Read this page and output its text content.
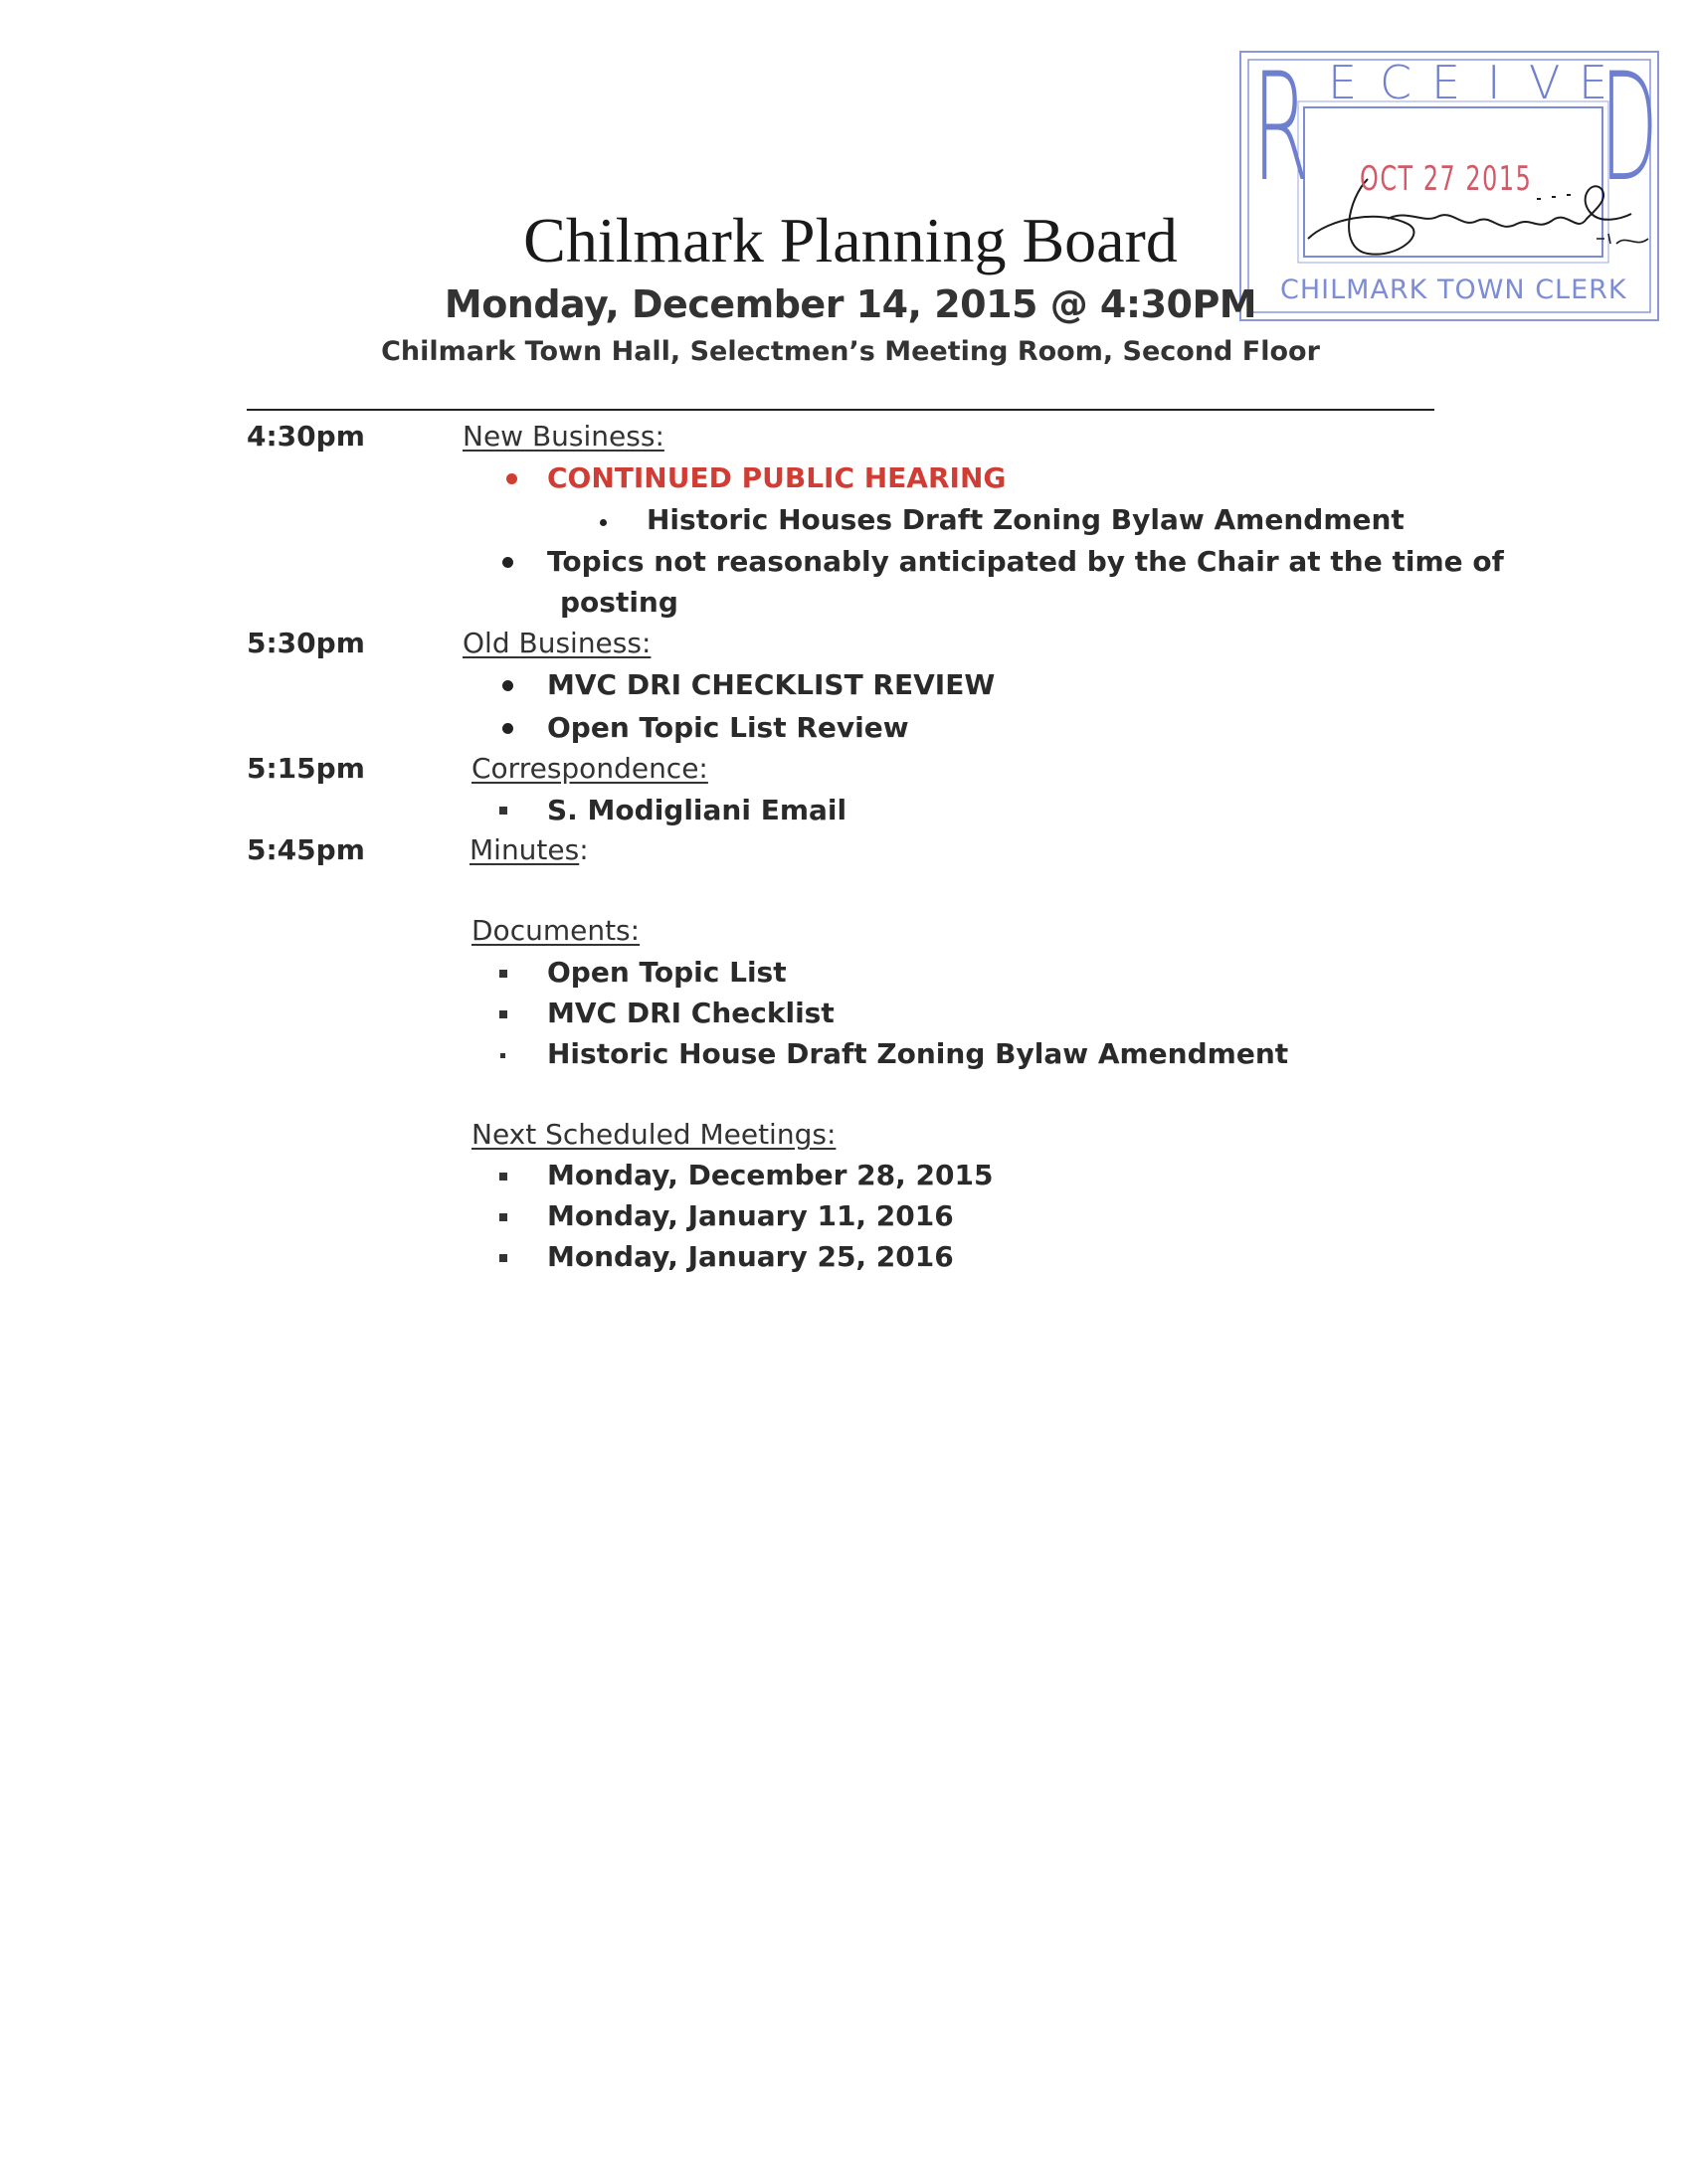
R E C E I V E
D
OCT 27 2015
CHILMARK TOWN CLERK
Chilmark Planning Board
Monday, December 14, 2015 @ 4:30PM
Chilmark Town Hall, Selectmen’s Meeting Room, Second Floor
4:30pm	New Business:
CONTINUED PUBLIC HEARING
Historic Houses Draft Zoning Bylaw Amendment
Topics not reasonably anticipated by the Chair at the time of
posting
5:30pm	Old Business:
MVC DRI CHECKLIST REVIEW
Open Topic List Review
5:15pm	Correspondence:
S. Modigliani Email
5:45pm	Minutes:
Documents:
Open Topic List
MVC DRI Checklist
Historic House Draft Zoning Bylaw Amendment
Next Scheduled Meetings:
Monday, December 28, 2015
Monday, January 11, 2016
Monday, January 25, 2016
